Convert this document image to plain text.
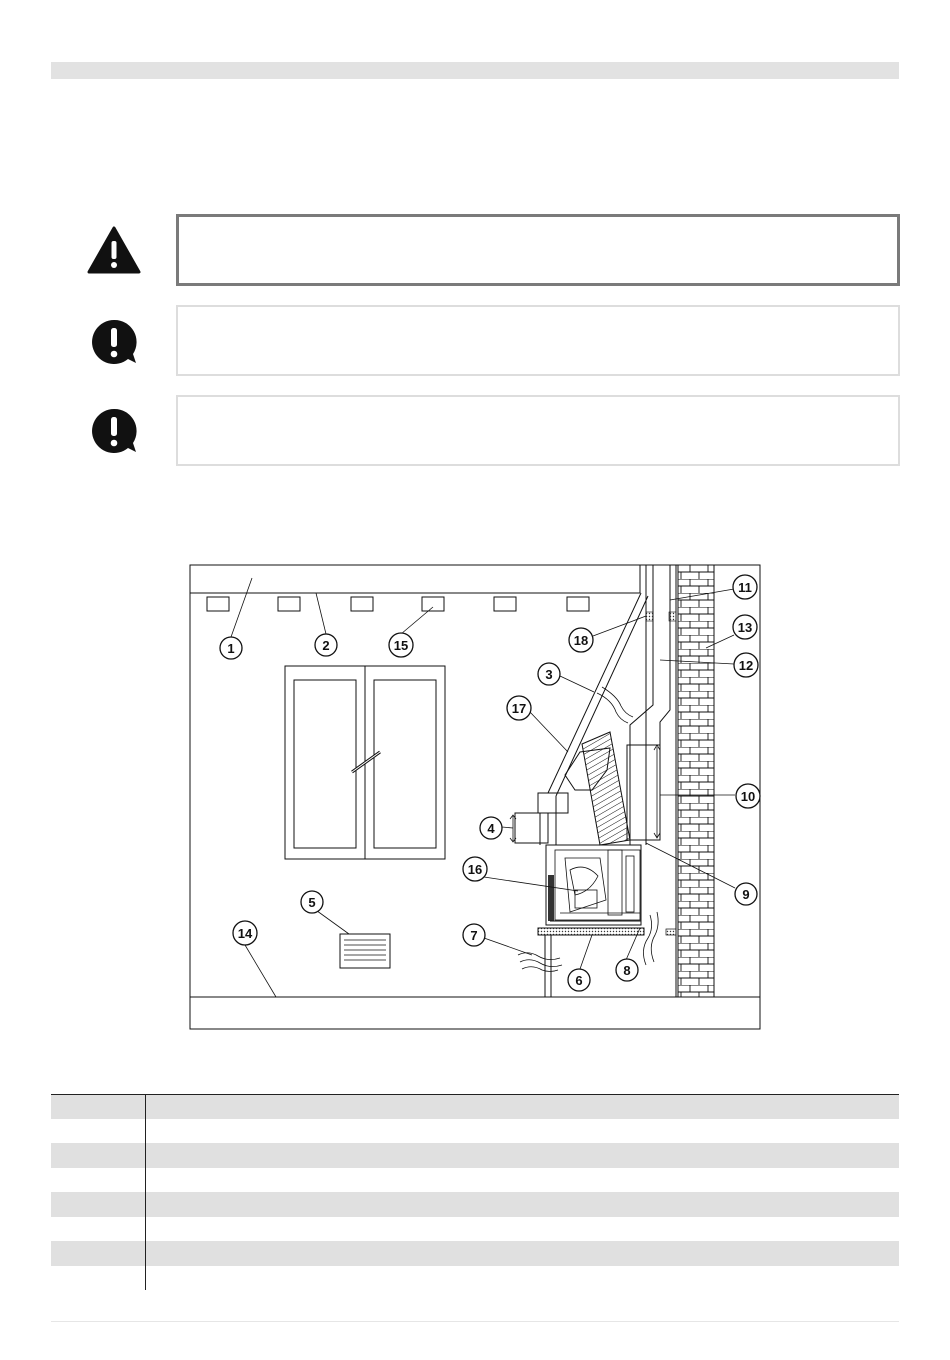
1	2
3
4
5
6
7
8
9
10
11
12
13
14
15
16
17
18
